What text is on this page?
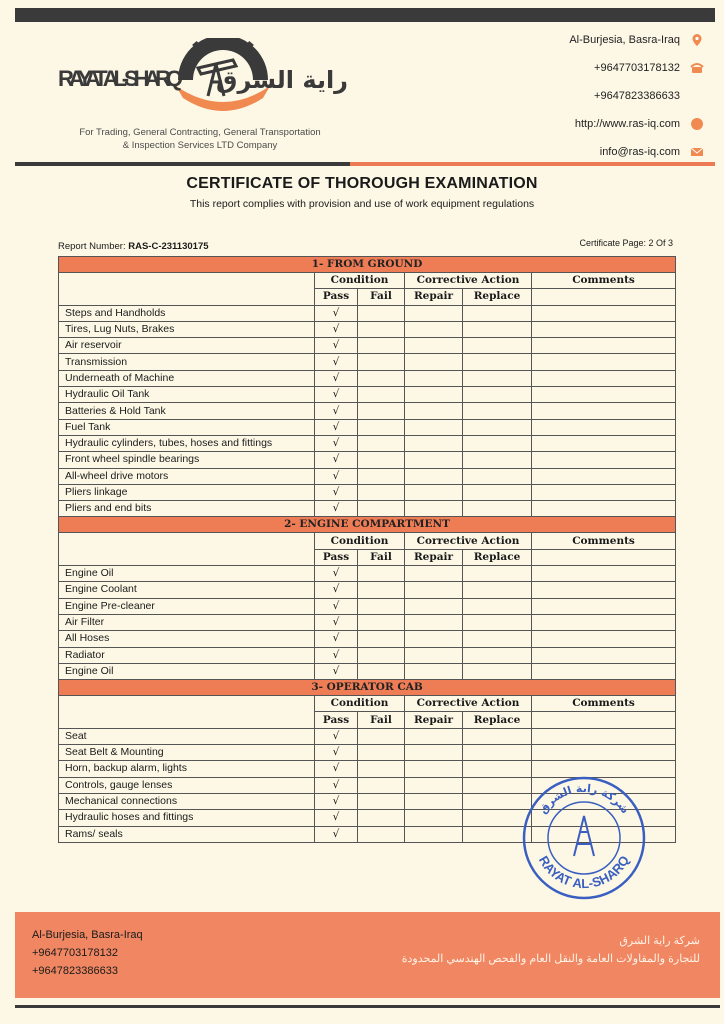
RAYAT AL-SHARQ راية الشرق
For Trading, General Contracting, General Transportation
& Inspection Services LTD Company
Al-Burjesia, Basra-Iraq
+9647703178132
+9647823386633
http://www.ras-iq.com
info@ras-iq.com
CERTIFICATE OF THOROUGH EXAMINATION
This report complies with provision and use of work equipment regulations
Report Number: RAS-C-231130175	Certificate Page: 2 Of 3
1- FROM GROUND					
	Condition		Corrective Action		Comments
	Pass	Fail	Repair	Replace	
Steps and Handholds	√				
Tires, Lug Nuts, Brakes	√				
Air reservoir	√				
Transmission	√				
Underneath of Machine	√				
Hydraulic Oil Tank	√				
Batteries & Hold Tank	√				
Fuel Tank	√				
Hydraulic cylinders, tubes, hoses and fittings	√				
Front wheel spindle bearings	√				
All-wheel drive motors	√				
Pliers linkage	√				
Pliers and end bits	√				
2- ENGINE COMPARTMENT					
	Condition		Corrective Action		Comments
	Pass	Fail	Repair	Replace	
Engine Oil	√				
Engine Coolant	√				
Engine Pre-cleaner	√				
Air Filter	√				
All Hoses	√				
Radiator	√				
Engine Oil	√				
3- OPERATOR CAB					
	Condition		Corrective Action		Comments
	Pass	Fail	Repair	Replace	
Seat	√				
Seat Belt & Mounting	√				
Horn, backup alarm, lights	√				
Controls, gauge lenses	√				
Mechanical connections	√				
Hydraulic hoses and fittings	√				
Rams/ seals	√				
RAYAT AL-SHARQ
شركة راية الشرق
Al-Burjesia, Basra-Iraq
+9647703178132
+9647823386633
شركة راية الشرق
للتجارة والمقاولات العامة والنقل العام والفحص الهندسي المحدودة
